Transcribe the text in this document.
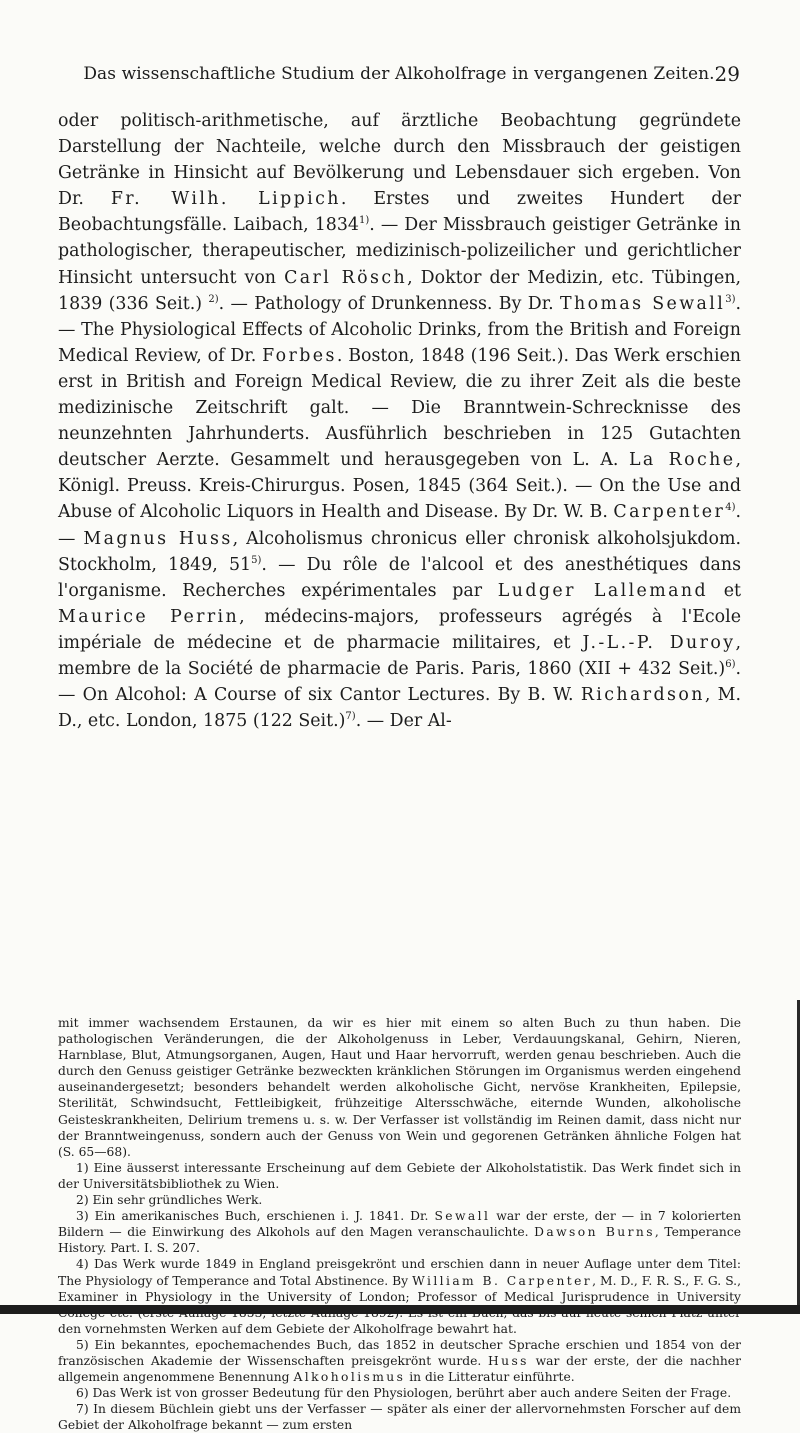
Das wissenschaftliche Studium der Alkoholfrage in vergangenen Zeiten. 29
oder politisch-arithmetische, auf ärztliche Beobachtung gegründete Darstellung der Nachteile, welche durch den Missbrauch der geistigen Getränke in Hinsicht auf Bevölkerung und Lebensdauer sich ergeben. Von Dr. Fr. Wilh. Lippich. Erstes und zweites Hundert der Beobachtungsfälle. Laibach, 1834$^{1)}$. — Der Missbrauch geistiger Getränke in pathologischer, therapeutischer, medizinisch-polizeilicher und gerichtlicher Hinsicht untersucht von Carl Rösch, Doktor der Medizin, etc. Tübingen, 1839 (336 Seit.) $^{2)}$. — Pathology of Drunkenness. By Dr. Thomas Sewall$^{3)}$. — The Physiological Effects of Alcoholic Drinks, from the British and Foreign Medical Review, of Dr. Forbes. Boston, 1848 (196 Seit.). Das Werk erschien erst in British and Foreign Medical Review, die zu ihrer Zeit als die beste medizinische Zeitschrift galt. — Die Branntwein-Schrecknisse des neunzehnten Jahrhunderts. Ausführlich beschrieben in 125 Gutachten deutscher Aerzte. Gesammelt und herausgegeben von L. A. La Roche, Königl. Preuss. Kreis-Chirurgus. Posen, 1845 (364 Seit.). — On the Use and Abuse of Alcoholic Liquors in Health and Disease. By Dr. W. B. Carpenter$^{4)}$. — Magnus Huss, Alcoholismus chronicus eller chronisk alkoholsjukdom. Stockholm, 1849, 51$^{5)}$. — Du rôle de l'alcool et des anesthétiques dans l'organisme. Recherches expérimentales par Ludger Lallemand et Maurice Perrin, médecins-majors, professeurs agrégés à l'Ecole impériale de médecine et de pharmacie militaires, et J.-L.-P. Duroy, membre de la Société de pharmacie de Paris. Paris, 1860 (XII + 432 Seit.)$^{6)}$. — On Alcohol: A Course of six Cantor Lectures. By B. W. Richardson, M. D., etc. London, 1875 (122 Seit.)$^{7)}$. — Der Al-

mit immer wachsendem Erstaunen, da wir es hier mit einem so alten Buch zu thun haben. Die pathologischen Veränderungen, die der Alkoholgenuss in Leber, Verdauungskanal, Gehirn, Nieren, Harnblase, Blut, Atmungsorganen, Augen, Haut und Haar hervorruft, werden genau beschrieben. Auch die durch den Genuss geistiger Getränke bezweckten kränklichen Störungen im Organismus werden eingehend auseinandergesetzt; besonders behandelt werden alkoholische Gicht, nervöse Krankheiten, Epilepsie, Sterilität, Schwindsucht, Fettleibigkeit, frühzeitige Altersschwäche, eiternde Wunden, alkoholische Geisteskrankheiten, Delirium tremens u. s. w. Der Verfasser ist vollständig im Reinen damit, dass nicht nur der Branntweingenuss, sondern auch der Genuss von Wein und gegorenen Getränken ähnliche Folgen hat (S. 65—68).

1) Eine äusserst interessante Erscheinung auf dem Gebiete der Alkoholstatistik. Das Werk findet sich in der Universitätsbibliothek zu Wien.

2) Ein sehr gründliches Werk.

3) Ein amerikanisches Buch, erschienen i. J. 1841. Dr. Sewall war der erste, der — in 7 kolorierten Bildern — die Einwirkung des Alkohols auf den Magen veranschaulichte. Dawson Burns, Temperance History. Part. I. S. 207.

4) Das Werk wurde 1849 in England preisgekrönt und erschien dann in neuer Auflage unter dem Titel: The Physiology of Temperance and Total Abstinence. By William B. Carpenter, M. D., F. R. S., F. G. S., Examiner in Physiology in the University of London; Professor of Medical Jurisprudence in University den vornehmsten Werken auf dem Gebiete der Alkoholfrage bewahrt hat.

5) Ein bekanntes, epochemachendes Buch, das 1852 in deutscher Sprache erschien und 1854 von der französischen Akademie der Wissenschaften preisgekrönt wurde. Huss war der erste, der die nachher allgemein angenommene Benennung Alkoholismus in die Litteratur einführte.

6) Das Werk ist von grosser Bedeutung für den Physiologen, berührt aber auch andere Seiten der Frage.

7) In diesem Büchlein giebt uns der Verfasser — später als einer der allervornehmsten Forscher auf dem Gebiet der Alkoholfrage bekannt — zum ersten
